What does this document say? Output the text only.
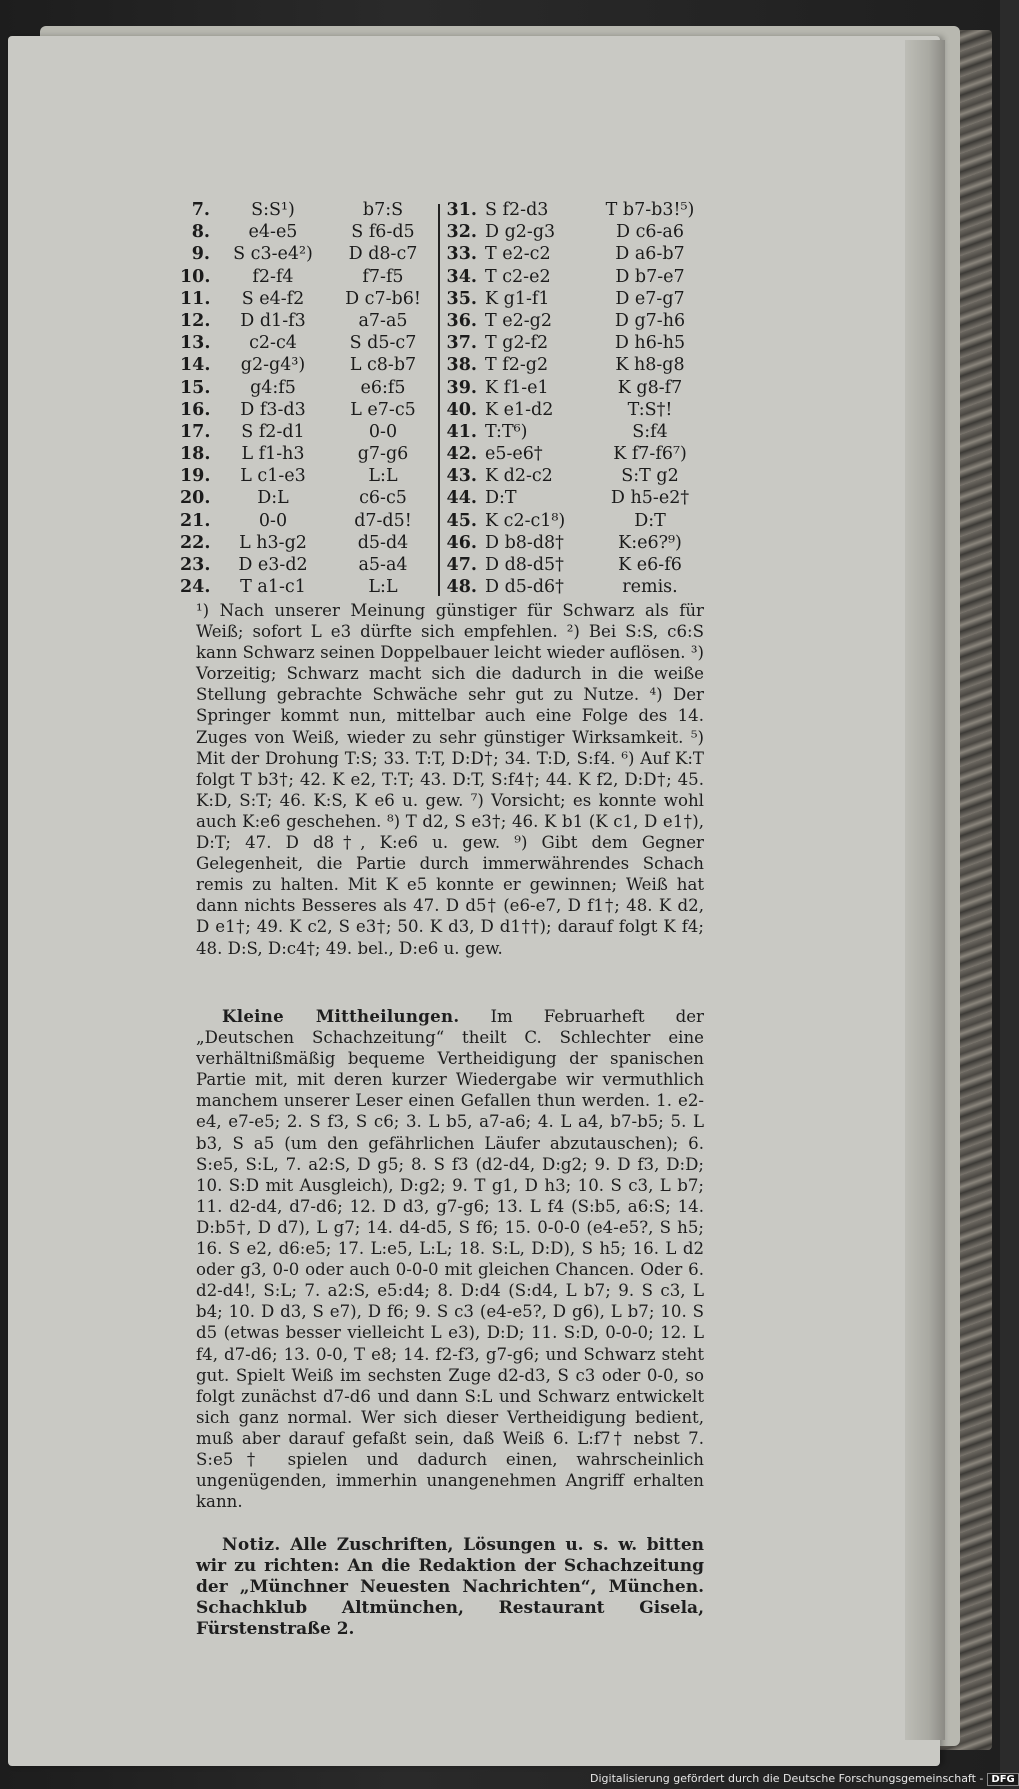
7.	S:S¹)	b7:S
8.	e4-e5	S f6-d5
9.	S c3-e4²)	D d8-c7
10.	f2-f4	f7-f5
11.	S e4-f2	D c7-b6!
12.	D d1-f3	a7-a5
13.	c2-c4	S d5-c7
14.	g2-g4³)	L c8-b7
15.	g4:f5	e6:f5
16.	D f3-d3	L e7-c5
17.	S f2-d1	0-0
18.	L f1-h3	g7-g6
19.	L c1-e3	L:L
20.	D:L	c6-c5
21.	0-0	d7-d5!
22.	L h3-g2	d5-d4
23.	D e3-d2	a5-a4
24.	T a1-c1	L:L
31. S f2-d3	T b7-b3!⁵)
32. D g2-g3	D c6-a6
33. T e2-c2	D a6-b7
34. T c2-e2	D b7-e7
35. K g1-f1	D e7-g7
36. T e2-g2	D g7-h6
37. T g2-f2	D h6-h5
38. T f2-g2	K h8-g8
39. K f1-e1	K g8-f7
40. K e1-d2	T:S†!
41. T:T⁶)	S:f4
42. e5-e6†	K f7-f6⁷)
43. K d2-c2	S:T g2
44. D:T	D h5-e2†
45. K c2-c1⁸)	D:T
46. D b8-d8†	K:e6?⁹)
47. D d8-d5†	K e6-f6
48. D d5-d6†	remis.
¹) Nach unserer Meinung günstiger für Schwarz als für Weiß; sofort L e3 dürfte sich empfehlen. ²) Bei S:S, c6:S kann Schwarz seinen Doppelbauer leicht wieder auflösen. ³) Vorzeitig; Schwarz macht sich die dadurch in die weiße Stellung gebrachte Schwäche sehr gut zu Nutze. ⁴) Der Springer kommt nun, mittelbar auch eine Folge des 14. Zuges von Weiß, wieder zu sehr günstiger Wirksamkeit. ⁵) Mit der Drohung T:S; 33. T:T, D:D†; 34. T:D, S:f4. ⁶) Auf K:T folgt T b3†; 42. K e2, T:T; 43. D:T, S:f4†; 44. K f2, D:D†; 45. K:D, S:T; 46. K:S, K e6 u. gew. ⁷) Vorsicht; es konnte wohl auch K:e6 geschehen. ⁸) T d2, S e3†; 46. K b1 (K c1, D e1†), D:T; 47. D d8†, K:e6 u. gew. ⁹) Gibt dem Gegner Gelegenheit, die Partie durch immerwährendes Schach remis zu halten. Mit K e5 konnte er gewinnen; Weiß hat dann nichts Besseres als 47. D d5† (e6-e7, D f1†; 48. K d2, D e1†; 49. K c2, S e3†; 50. K d3, D d1††); darauf folgt K f4; 48. D:S, D:c4†; 49. bel., D:e6 u. gew.
Kleine Mittheilungen. Im Februarheft der „Deutschen Schachzeitung“ theilt C. Schlechter eine verhältnißmäßig bequeme Vertheidigung der spanischen Partie mit, mit deren kurzer Wiedergabe wir vermuthlich manchem unserer Leser einen Gefallen thun werden. 1. e2-e4, e7-e5; 2. S f3, S c6; 3. L b5, a7-a6; 4. L a4, b7-b5; 5. L b3, S a5 (um den gefährlichen Läufer abzutauschen); 6. S:e5, S:L, 7. a2:S, D g5; 8. S f3 (d2-d4, D:g2; 9. D f3, D:D; 10. S:D mit Ausgleich), D:g2; 9. T g1, D h3; 10. S c3, L b7; 11. d2-d4, d7-d6; 12. D d3, g7-g6; 13. L f4 (S:b5, a6:S; 14. D:b5†, D d7), L g7; 14. d4-d5, S f6; 15. 0-0-0 (e4-e5?, S h5; 16. S e2, d6:e5; 17. L:e5, L:L; 18. S:L, D:D), S h5; 16. L d2 oder g3, 0-0 oder auch 0-0-0 mit gleichen Chancen. Oder 6. d2-d4!, S:L; 7. a2:S, e5:d4; 8. D:d4 (S:d4, L b7; 9. S c3, L b4; 10. D d3, S e7), D f6; 9. S c3 (e4-e5?, D g6), L b7; 10. S d5 (etwas besser vielleicht L e3), D:D; 11. S:D, 0-0-0; 12. L f4, d7-d6; 13. 0-0, T e8; 14. f2-f3, g7-g6; und Schwarz steht gut. Spielt Weiß im sechsten Zuge d2-d3, S c3 oder 0-0, so folgt zunächst d7-d6 und dann S:L und Schwarz entwickelt sich ganz normal. Wer sich dieser Vertheidigung bedient, muß aber darauf gefaßt sein, daß Weiß 6. L:f7† nebst 7. S:e5† spielen und dadurch einen, wahrscheinlich ungenügenden, immerhin unangenehmen Angriff erhalten kann.
Notiz. Alle Zuschriften, Lösungen u. s. w. bitten wir zu richten: An die Redaktion der Schachzeitung der „Münchner Neuesten Nachrichten“, München. Schachklub Altmünchen, Restaurant Gisela, Fürstenstraße 2.
Digitalisierung gefördert durch die Deutsche Forschungsgemeinschaft - DFG
